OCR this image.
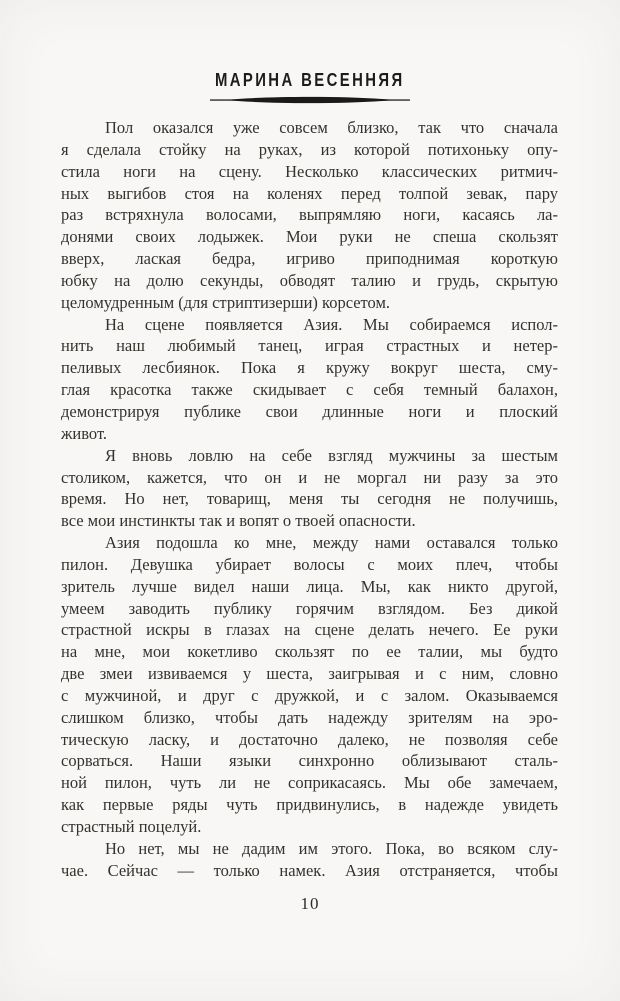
МАРИНА ВЕСЕННЯЯ
Пол оказался уже совсем близко, так что сначала
я сделала стойку на руках, из которой потихоньку опу-
стила ноги на сцену. Несколько классических ритмич-
ных выгибов стоя на коленях перед толпой зевак, пару
раз встряхнула волосами, выпрямляю ноги, касаясь ла-
донями своих лодыжек. Мои руки не спеша скользят
вверх, лаская бедра, игриво приподнимая короткую
юбку на долю секунды, обводят талию и грудь, скрытую
целомудренным (для стриптизерши) корсетом.
На сцене появляется Азия. Мы собираемся испол-
нить наш любимый танец, играя страстных и нетер-
пеливых лесбиянок. Пока я кружу вокруг шеста, сму-
глая красотка также скидывает с себя темный балахон,
демонстрируя публике свои длинные ноги и плоский
живот.
Я вновь ловлю на себе взгляд мужчины за шестым
столиком, кажется, что он и не моргал ни разу за это
время. Но нет, товарищ, меня ты сегодня не получишь,
все мои инстинкты так и вопят о твоей опасности.
Азия подошла ко мне, между нами оставался только
пилон. Девушка убирает волосы с моих плеч, чтобы
зритель лучше видел наши лица. Мы, как никто другой,
умеем заводить публику горячим взглядом. Без дикой
страстной искры в глазах на сцене делать нечего. Ее руки
на мне, мои кокетливо скользят по ее талии, мы будто
две змеи извиваемся у шеста, заигрывая и с ним, словно
с мужчиной, и друг с дружкой, и с залом. Оказываемся
слишком близко, чтобы дать надежду зрителям на эро-
тическую ласку, и достаточно далеко, не позволяя себе
сорваться. Наши языки синхронно облизывают сталь-
ной пилон, чуть ли не соприкасаясь. Мы обе замечаем,
как первые ряды чуть придвинулись, в надежде увидеть
страстный поцелуй.
Но нет, мы не дадим им этого. Пока, во всяком слу-
чае. Сейчас — только намек. Азия отстраняется, чтобы
10
